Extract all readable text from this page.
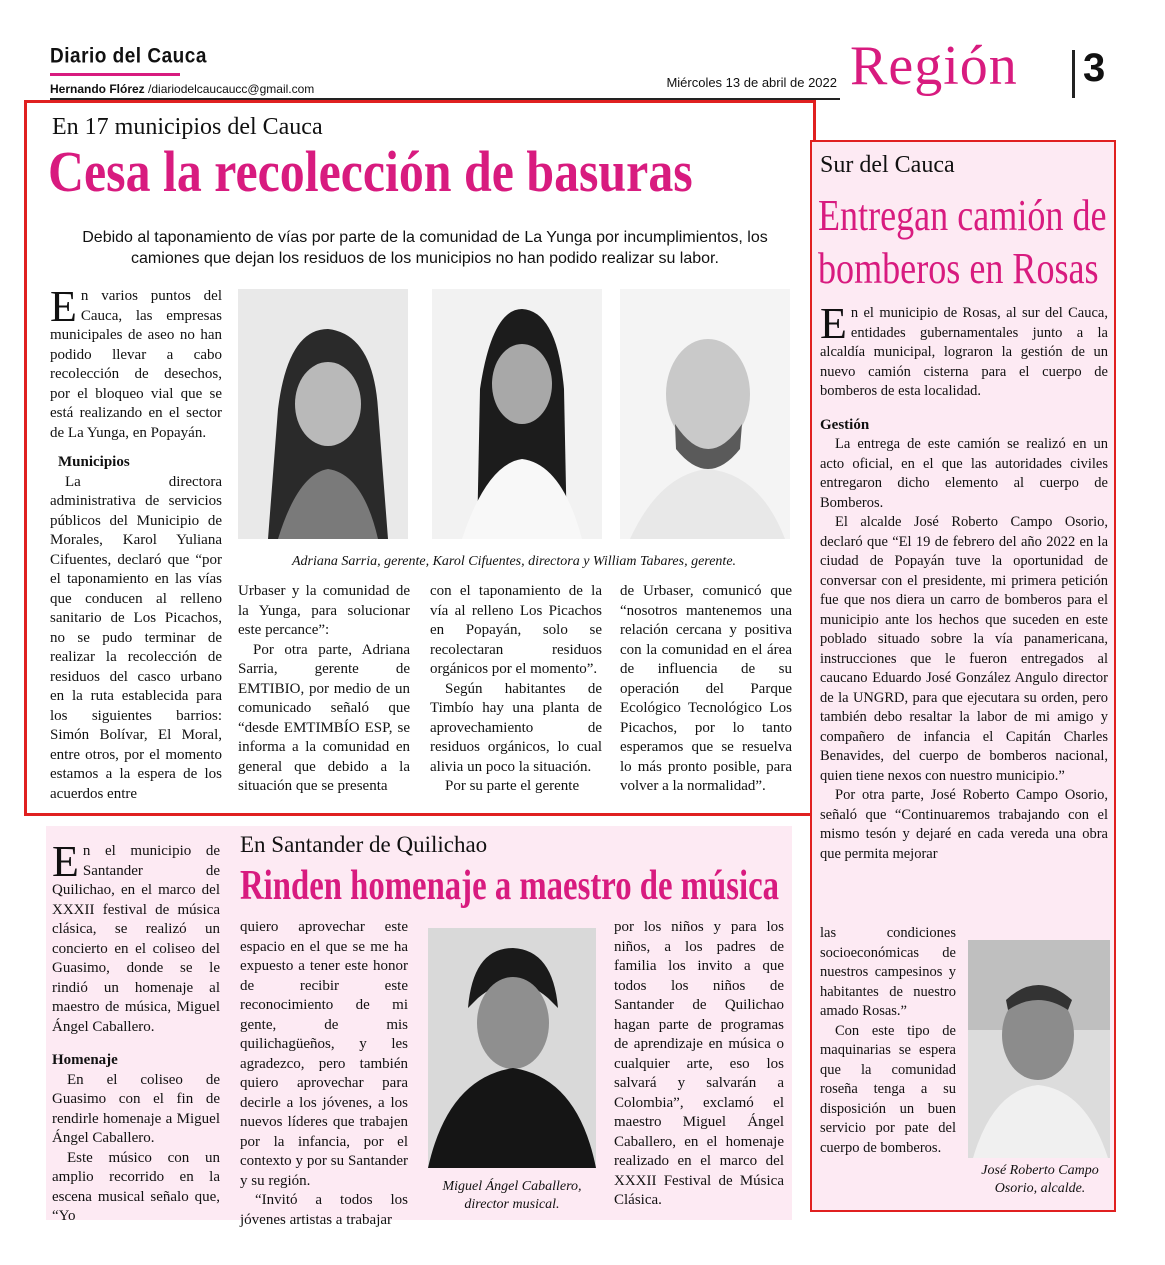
Diario del Cauca
Hernando Flórez /diariodelcaucaucc@gmail.com	Miércoles 13 de abril de 2022 Región 3
En 17 municipios del Cauca
Cesa la recolección de basuras
Debido al taponamiento de vías por parte de la comunidad de La Yunga por incumplimientos, los camiones que dejan los residuos de los municipios no han podido realizar su labor.

En varios puntos del Cauca, las empresas municipales de aseo no han podido llevar a cabo recolección de desechos, por el bloqueo vial que se está realizando en el sector de La Yunga, en Popayán.

Municipios

La directora administrativa de servicios públicos del Municipio de Morales, Karol Yuliana Cifuentes, declaró que “por el taponamiento en las vías que conducen al relleno sanitario de Los Picachos, no se pudo terminar de realizar la recolección de residuos del casco urbano en la ruta establecida para los siguientes barrios: Simón Bolívar, El Moral, entre otros, por el momento estamos a la espera de los acuerdos entre

Adriana Sarria, gerente, Karol Cifuentes, directora y William Tabares, gerente.

Urbaser y la comunidad de la Yunga, para solucionar este percance”:

Por otra parte, Adriana Sarria, gerente de EMTIBIO, por medio de un comunicado señaló que “desde EMTIMBÍO ESP, se informa a la comunidad en general que debido a la situación que se presenta

con el taponamiento de la vía al relleno Los Picachos en Popayán, solo se recolectaran residuos orgánicos por el momento”.

Según habitantes de Timbío hay una planta de aprovechamiento de residuos orgánicos, lo cual alivia un poco la situación.

Por su parte el gerente

de Urbaser, comunicó que “nosotros mantenemos una relación cercana y positiva con la comunidad en el área de influencia de su operación del Parque Ecológico Tecnológico Los Picachos, por lo tanto esperamos que se resuelva lo más pronto posible, para volver a la normalidad”.

Sur del Cauca
Entregan camión de
bomberos en Rosas

En el municipio de Rosas, al sur del Cauca, entidades gubernamentales junto a la alcaldía municipal, lograron la gestión de un nuevo camión cisterna para el cuerpo de bomberos de esta localidad.

Gestión

La entrega de este camión se realizó en un acto oficial, en el que las autoridades civiles entregaron dicho elemento al cuerpo de Bomberos.

El alcalde José Roberto Campo Osorio, declaró que “El 19 de febrero del año 2022 en la ciudad de Popayán tuve la oportunidad de conversar con el presidente, mi primera petición fue que nos diera un carro de bomberos para el municipio ante los hechos que suceden en este poblado situado sobre la vía panamericana, instrucciones que le fueron entregados al caucano Eduardo José González Angulo director de la UNGRD, para que ejecutara su orden, pero también debo resaltar la labor de mi amigo y compañero de infancia el Capitán Charles Benavides, del cuerpo de bomberos nacional, quien tiene nexos con nuestro municipio.”

Por otra parte, José Roberto Campo Osorio, señaló que “Continuaremos trabajando con el mismo tesón y dejaré en cada vereda una obra que permita mejorar

las condiciones socioeconómicas de nuestros campesinos y habitantes de nuestro amado Rosas.”

Con este tipo de maquinarias se espera que la comunidad roseña tenga a su disposición un buen servicio por pate del cuerpo de bomberos.

José Roberto Campo Osorio, alcalde.

En el municipio de Santander de Quilichao, en el marco del XXXII festival de música clásica, se realizó un concierto en el coliseo del Guasimo, donde se le rindió un homenaje al maestro de música, Miguel Ángel Caballero.

Homenaje

En el coliseo de Guasimo con el fin de rendirle homenaje a Miguel Ángel Caballero.

Este músico con un amplio recorrido en la escena musical señalo que, “Yo

En Santander de Quilichao
Rinden homenaje a maestro de música

quiero aprovechar este espacio en el que se me ha expuesto a tener este honor de recibir este reconocimiento de mi gente, de mis quilichagüeños, y les agradezco, pero también quiero aprovechar para decirle a los jóvenes, a los nuevos líderes que trabajen por la infancia, por el contexto y por su Santander y su región.

“Invitó a todos los jóvenes artistas a trabajar

Miguel Ángel Caballero, director musical.

por los niños y para los niños, a los padres de familia los invito a que todos los niños de Santander de Quilichao hagan parte de programas de aprendizaje en música o cualquier arte, eso los salvará y salvarán a Colombia”, exclamó el maestro Miguel Ángel Caballero, en el homenaje realizado en el marco del XXXII Festival de Música Clásica.
